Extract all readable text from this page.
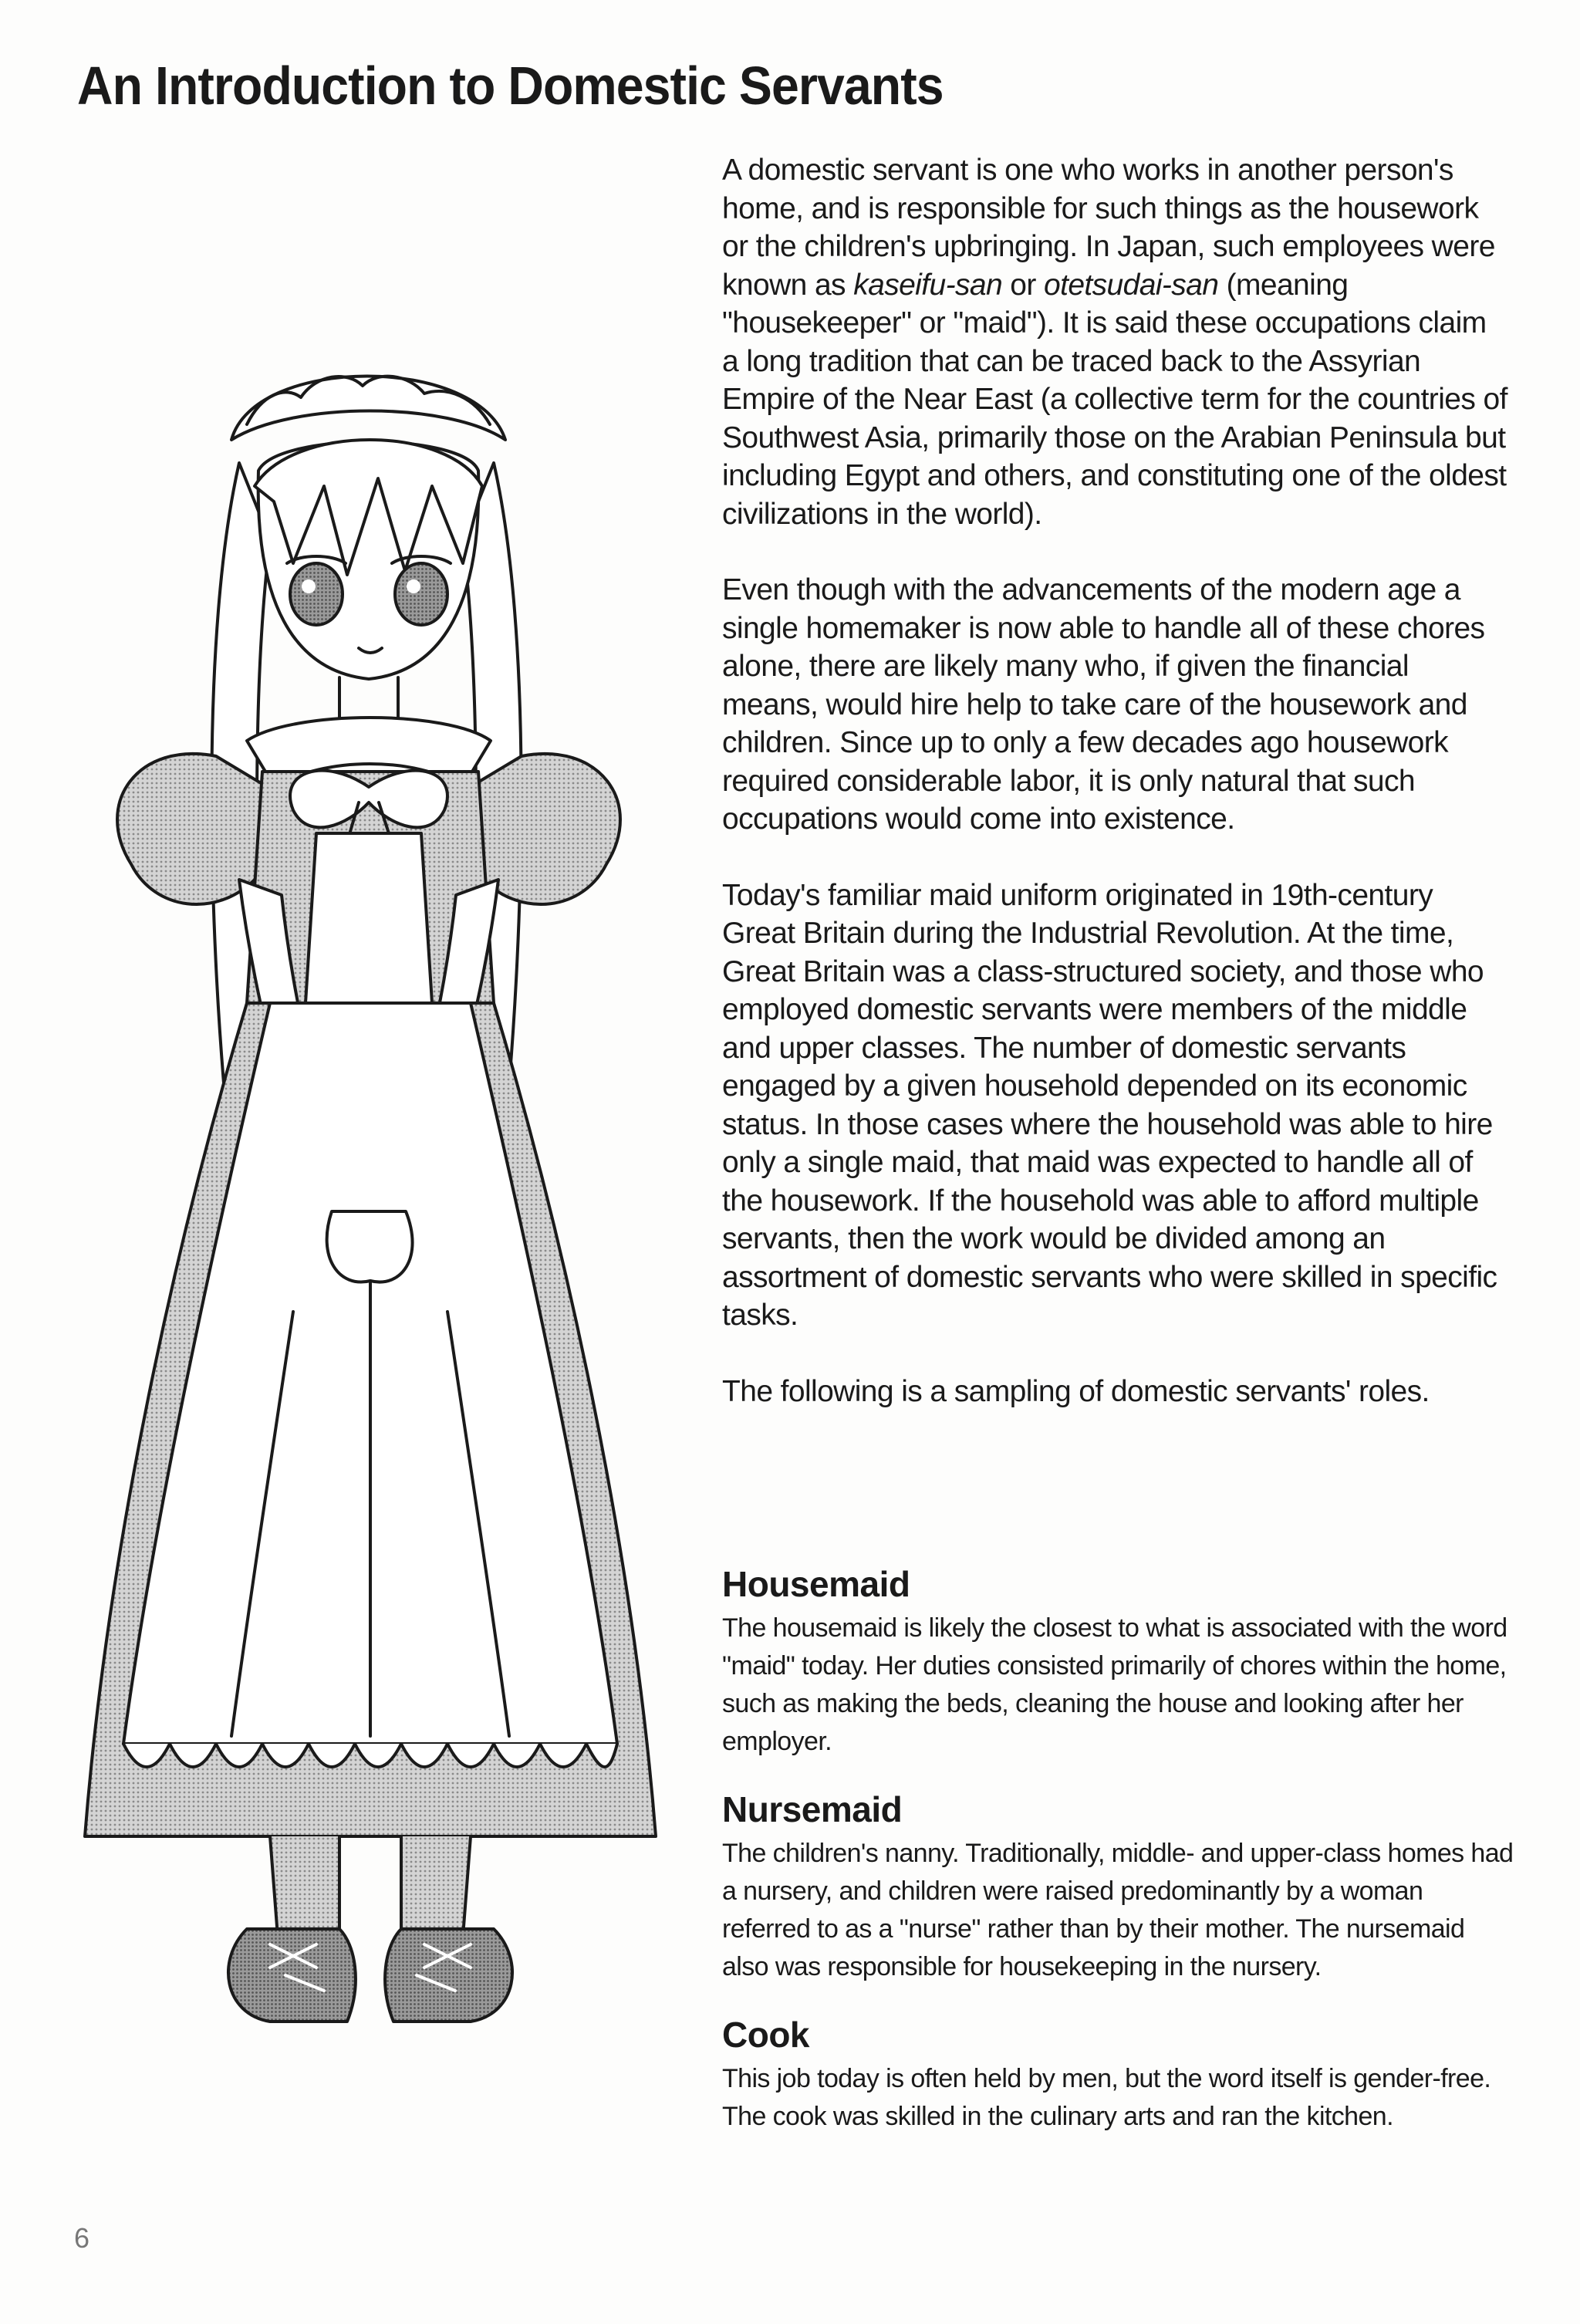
An Introduction to Domestic Servants

A domestic servant is one who works in another person's home, and is responsible for such things as the housework or the children's upbringing. In Japan, such employees were known as kaseifu-san or otetsudai-san (meaning "housekeeper" or "maid"). It is said these occupations claim a long tradition that can be traced back to the Assyrian Empire of the Near East (a collective term for the countries of Southwest Asia, primarily those on the Arabian Peninsula but including Egypt and others, and constituting one of the oldest civilizations in the world).

Even though with the advancements of the modern age a single homemaker is now able to handle all of these chores alone, there are likely many who, if given the financial means, would hire help to take care of the housework and children. Since up to only a few decades ago housework required considerable labor, it is only natural that such occupations would come into existence.

Today's familiar maid uniform originated in 19th-century Great Britain during the Industrial Revolution. At the time, Great Britain was a class-structured society, and those who employed domestic servants were members of the middle and upper classes. The number of domestic servants engaged by a given household depended on its economic status. In those cases where the household was able to hire only a single maid, that maid was expected to handle all of the housework. If the household was able to afford multiple servants, then the work would be divided among an assortment of domestic servants who were skilled in specific tasks.

The following is a sampling of domestic servants' roles.

Housemaid

The housemaid is likely the closest to what is associated with the word "maid" today. Her duties consisted primarily of chores within the home, such as making the beds, cleaning the house and looking after her employer.

Nursemaid

The children's nanny. Traditionally, middle- and upper-class homes had a nursery, and children were raised predominantly by a woman referred to as a "nurse" rather than by their mother. The nursemaid also was responsible for housekeeping in the nursery.

Cook

This job today is often held by men, but the word itself is gender-free. The cook was skilled in the culinary arts and ran the kitchen.

6
